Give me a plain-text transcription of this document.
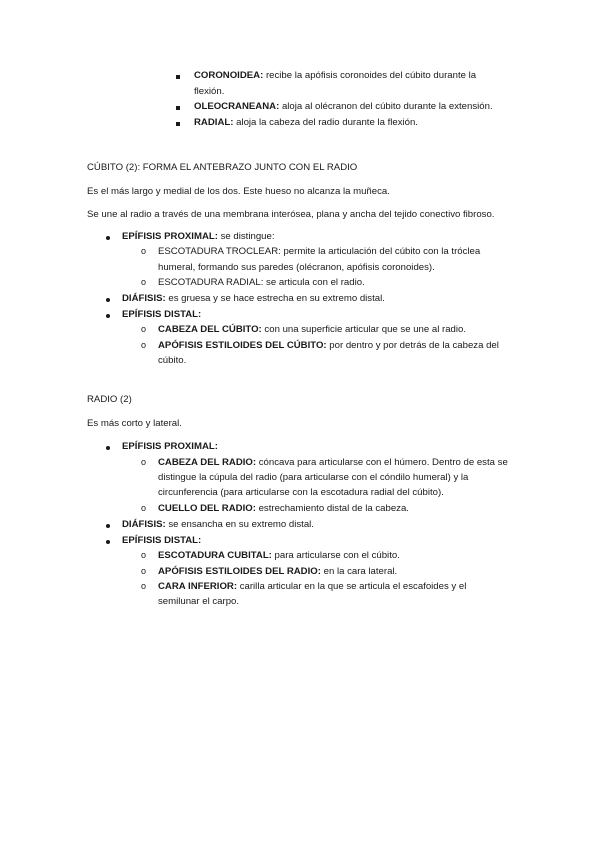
CORONOIDEA: recibe la apófisis coronoides del cúbito durante la
flexión.
OLEOCRANEANA: aloja al olécranon del cúbito durante la extensión.
RADIAL: aloja la cabeza del radio durante la flexión.
CÚBITO (2): FORMA EL ANTEBRAZO JUNTO CON EL RADIO
Es el más largo y medial de los dos. Este hueso no alcanza la muñeca.
Se une al radio a través de una membrana interósea, plana y ancha del tejido conectivo fibroso.
EPÍFISIS PROXIMAL: se distingue:
o ESCOTADURA TROCLEAR: permite la articulación del cúbito con la tróclea
humeral, formando sus paredes (olécranon, apófisis coronoides).
o ESCOTADURA RADIAL: se articula con el radio.
DIÁFISIS: es gruesa y se hace estrecha en su extremo distal.
EPÍFISIS DISTAL:
o CABEZA DEL CÚBITO: con una superficie articular que se une al radio.
o APÓFISIS ESTILOIDES DEL CÚBITO: por dentro y por detrás de la cabeza del
cúbito.
RADIO (2)
Es más corto y lateral.
EPÍFISIS PROXIMAL:
o CABEZA DEL RADIO: cóncava para articularse con el húmero. Dentro de esta se
distingue la cúpula del radio (para articularse con el cóndilo humeral) y la
circunferencia (para articularse con la escotadura radial del cúbito).
o CUELLO DEL RADIO: estrechamiento distal de la cabeza.
DIÁFISIS: se ensancha en su extremo distal.
EPÍFISIS DISTAL:
o ESCOTADURA CUBITAL: para articularse con el cúbito.
o APÓFISIS ESTILOIDES DEL RADIO: en la cara lateral.
o CARA INFERIOR: carilla articular en la que se articula el escafoides y el
semilunar el carpo.
